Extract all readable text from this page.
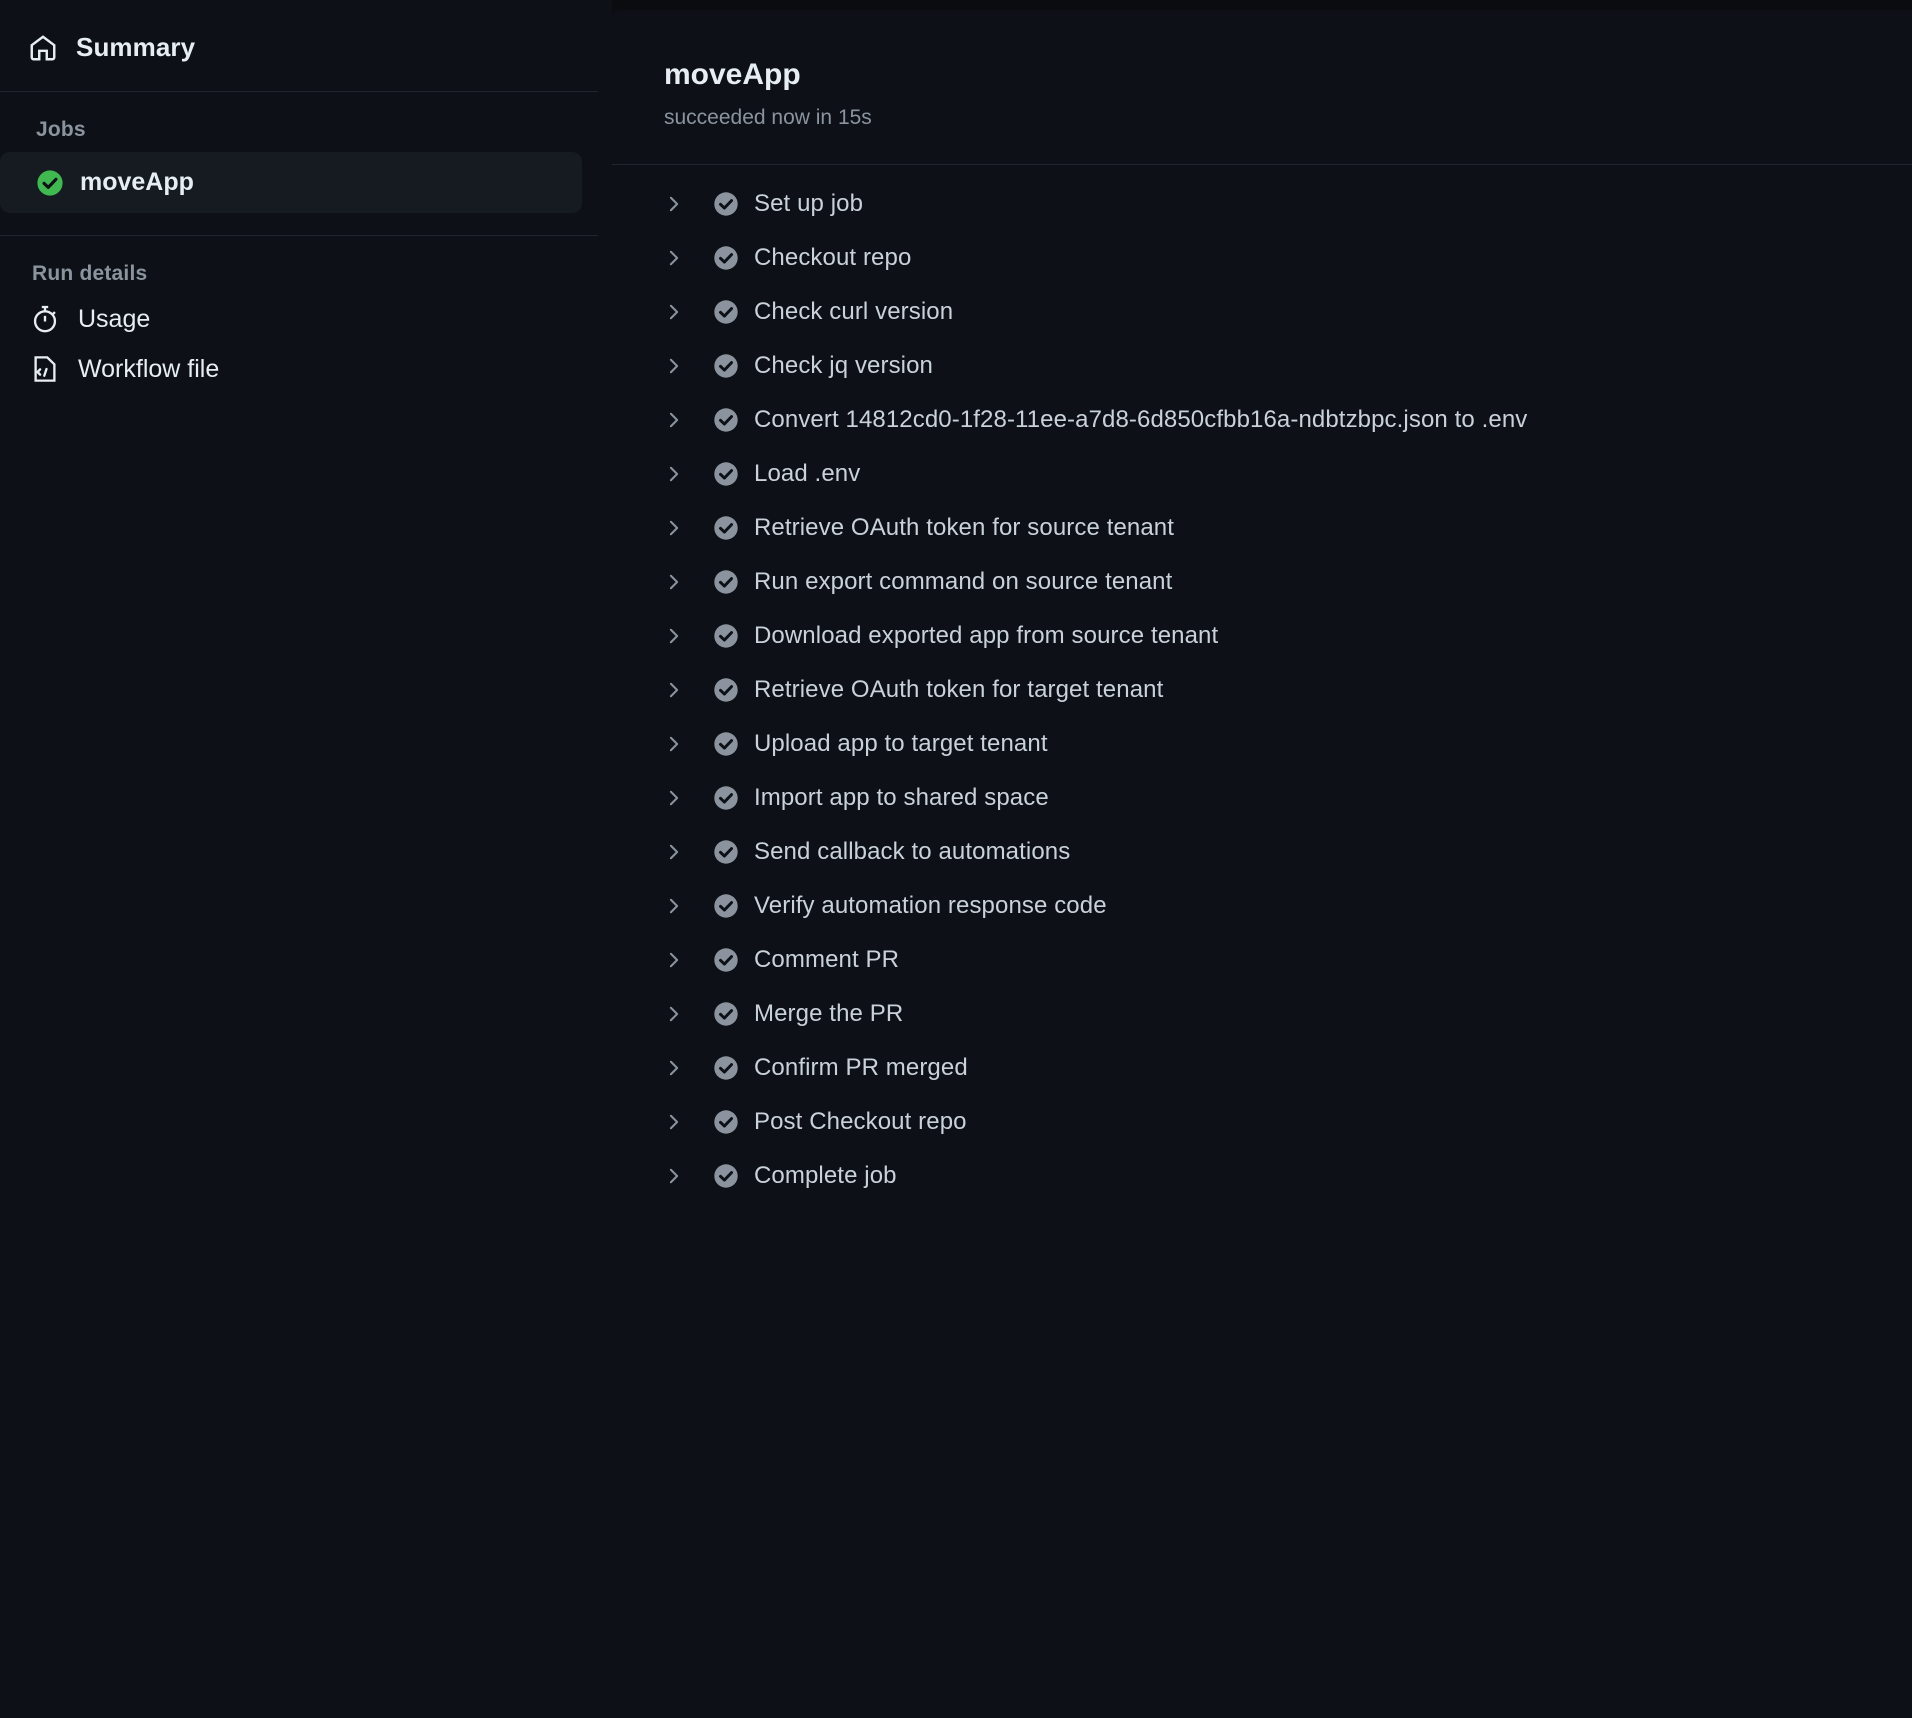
Summary
Jobs
moveApp
Run details
Usage
Workflow file
moveApp
succeeded now in 15s
Set up job
Checkout repo
Check curl version
Check jq version
Convert 14812cd0-1f28-11ee-a7d8-6d850cfbb16a-ndbtzbpc.json to .env
Load .env
Retrieve OAuth token for source tenant
Run export command on source tenant
Download exported app from source tenant
Retrieve OAuth token for target tenant
Upload app to target tenant
Import app to shared space
Send callback to automations
Verify automation response code
Comment PR
Merge the PR
Confirm PR merged
Post Checkout repo
Complete job
